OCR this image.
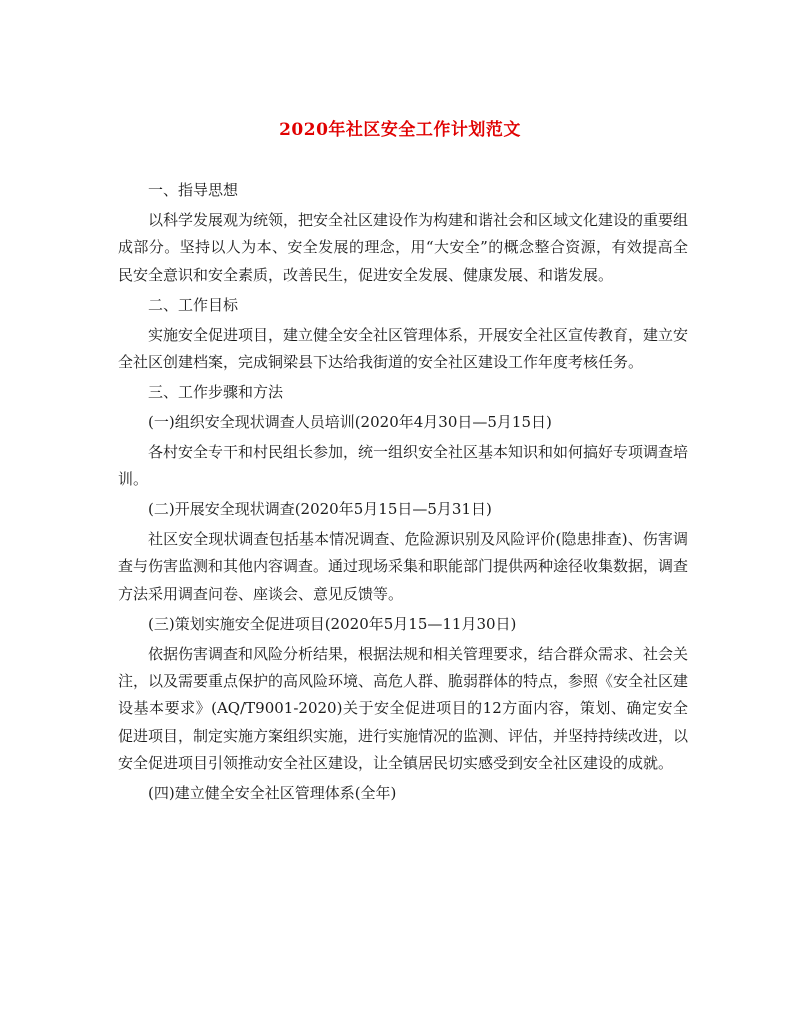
2020年社区安全工作计划范文

一、指导思想

以科学发展观为统领，把安全社区建设作为构建和谐社会和区域文化建设的重要组成部分。坚持以人为本、安全发展的理念，用“大安全”的概念整合资源，有效提高全民安全意识和安全素质，改善民生，促进安全发展、健康发展、和谐发展。

二、工作目标

实施安全促进项目，建立健全安全社区管理体系，开展安全社区宣传教育，建立安全社区创建档案，完成铜梁县下达给我街道的安全社区建设工作年度考核任务。

三、工作步骤和方法

(一)组织安全现状调查人员培训(2020年4月30日—5月15日)

各村安全专干和村民组长参加，统一组织安全社区基本知识和如何搞好专项调查培训。

(二)开展安全现状调查(2020年5月15日—5月31日)

社区安全现状调查包括基本情况调查、危险源识别及风险评价(隐患排查)、伤害调查与伤害监测和其他内容调查。通过现场采集和职能部门提供两种途径收集数据，调查方法采用调查问卷、座谈会、意见反馈等。

(三)策划实施安全促进项目(2020年5月15—11月30日)

依据伤害调查和风险分析结果，根据法规和相关管理要求，结合群众需求、社会关注，以及需要重点保护的高风险环境、高危人群、脆弱群体的特点，参照《安全社区建设基本要求》(AQ/T9001-2020)关于安全促进项目的12方面内容，策划、确定安全促进项目，制定实施方案组织实施，进行实施情况的监测、评估，并坚持持续改进，以安全促进项目引领推动安全社区建设，让全镇居民切实感受到安全社区建设的成就。

(四)建立健全安全社区管理体系(全年)
